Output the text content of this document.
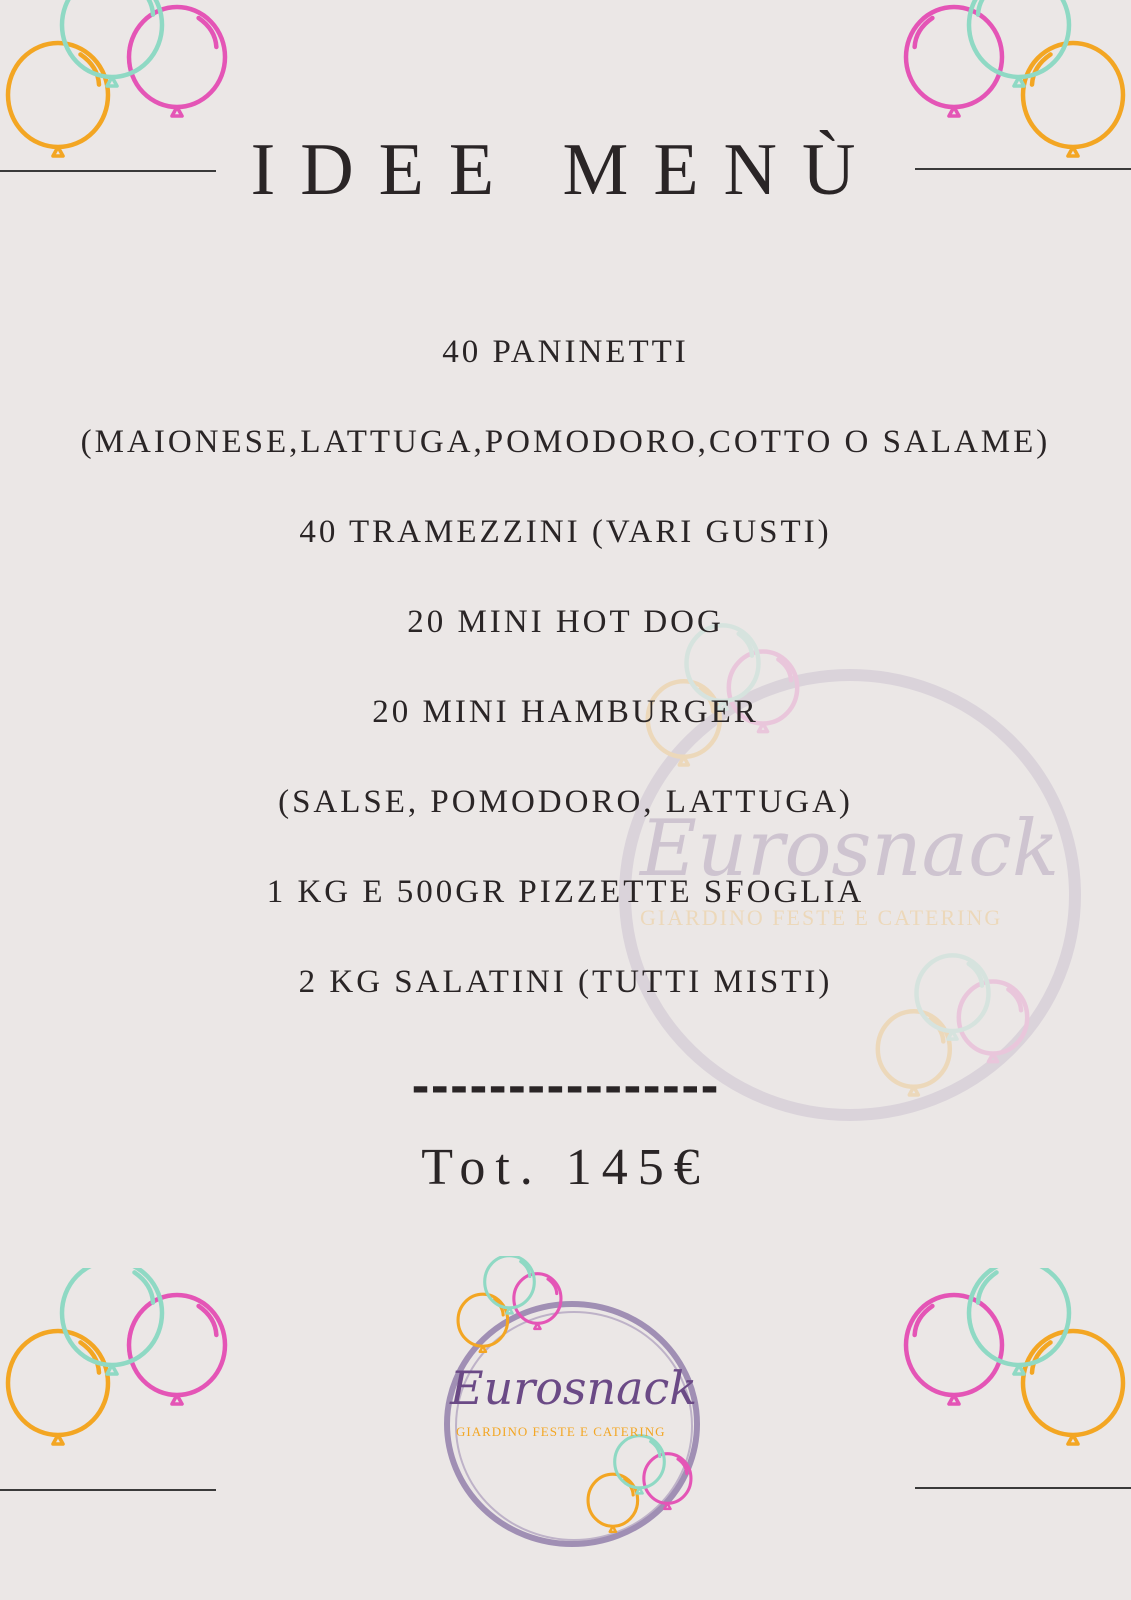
IDEE MENÙ
Eurosnack
GIARDINO FESTE E CATERING
40 PANINETTI
(MAIONESE,LATTUGA,POMODORO,COTTO O SALAME)
40 TRAMEZZINI (VARI GUSTI)
20 MINI HOT DOG
20 MINI HAMBURGER
(SALSE, POMODORO, LATTUGA)
1 KG E 500GR PIZZETTE SFOGLIA
2 KG SALATINI (TUTTI MISTI)
----------------
Tot. 145€
Eurosnack
GIARDINO FESTE E CATERING
